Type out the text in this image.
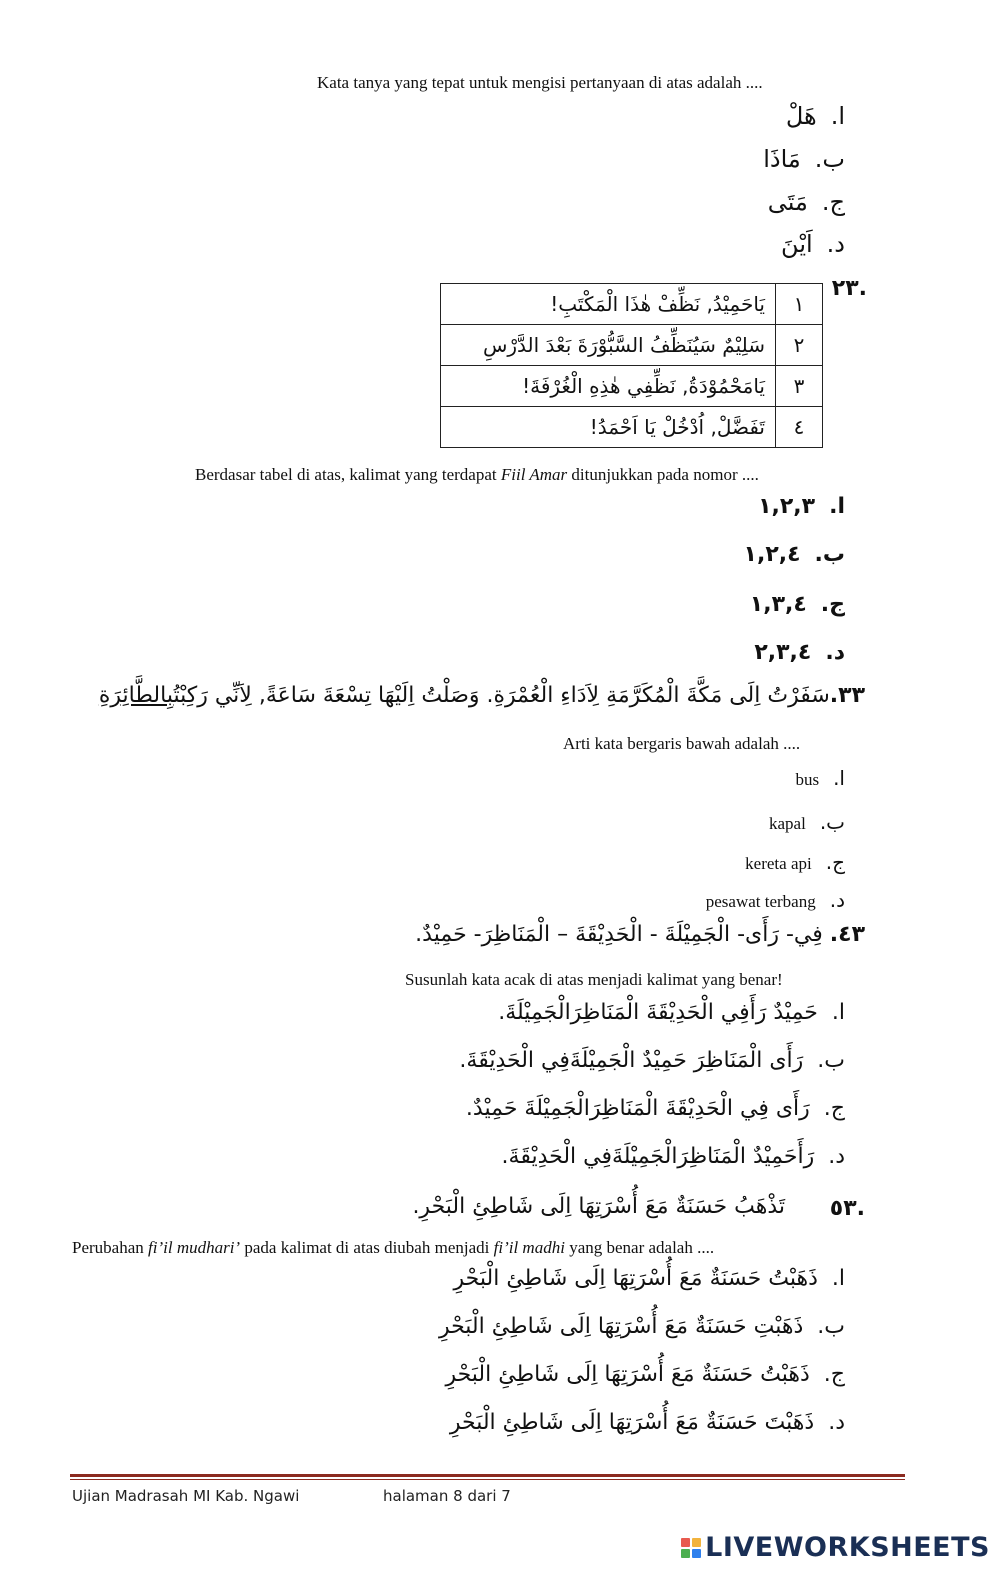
Kata tanya yang tepat untuk mengisi pertanyaan di atas adalah ....
ا.هَلْ
ب.مَاذَا
ج.مَتَى
د.اَيْنَ
.٢٣
١	يَاحَمِيْدُ, نَظِّفْ هٰذَا الْمَكْتَبِ!
٢	سَلِيْمٌ سَيُنَظِّفُ السَّبُّوْرَةَ بَعْدَ الدَّرْسِ
٣	يَامَحْمُوْدَةُ, نَظِّفِي هٰذِهِ الْغُرْفَةَ!
٤	تَفَضَّلْ, اُدْخُلْ يَا اَحْمَدُ!
Berdasar tabel di atas, kalimat yang terdapat Fiil Amar ditunjukkan pada nomor ....
ا.١,٢,٣
ب.١,٢,٤
ج.١,٣,٤
د.٢,٣,٤
٣٣.سَفَرْتُ اِلَى مَكَّةَ الْمُكَرَّمَةِ لِاَدَاءِ الْعُمْرَةِ. وَصَلْتُ اِلَيْهَا تِسْعَةَ سَاعَةً, لِاَنِّي رَكِبْتُبِالطَّائِرَةِ
Arti kata bergaris bawah adalah ....
ا.bus
ب.kapal
ج.kereta api
د.pesawat terbang
٤٣. فِي- رَأَى- الْجَمِيْلَةَ - الْحَدِيْقَةَ – الْمَنَاظِرَ- حَمِيْدٌ.
Susunlah kata acak di atas menjadi kalimat yang benar!
ا.حَمِيْدٌ رَأَفِي الْحَدِيْقَةَ الْمَنَاظِرَالْجَمِيْلَةَ.
ب.رَأَى الْمَنَاظِرَ حَمِيْدٌ الْجَمِيْلَةَفِي الْحَدِيْقَةَ.
ج.رَأَى فِي الْحَدِيْقَةَ الْمَنَاظِرَالْجَمِيْلَةَ حَمِيْدٌ.
د.رَأَحَمِيْدٌ الْمَنَاظِرَالْجَمِيْلَةَفِي الْحَدِيْقَةَ.
.٥٣
تَذْهَبُ حَسَنَةٌ مَعَ أُسْرَتِهَا اِلَى شَاطِئِ الْبَحْرِ.
Perubahan fi’il mudhari’ pada kalimat di atas diubah menjadi fi’il madhi yang benar adalah ....
ا.ذَهَبْتُ حَسَنَةٌ مَعَ أُسْرَتِهَا اِلَى شَاطِئِ الْبَحْرِ
ب.ذَهَبْتِ حَسَنَةٌ مَعَ أُسْرَتِهَا اِلَى شَاطِئِ الْبَحْرِ
ج.ذَهَبْتُ حَسَنَةٌ مَعَ أُسْرَتِهَا اِلَى شَاطِئِ الْبَحْرِ
د.ذَهَبْتَ حَسَنَةٌ مَعَ أُسْرَتِهَا اِلَى شَاطِئِ الْبَحْرِ
Ujian Madrasah MI Kab. Ngawi	halaman 8 dari 7
LIVEWORKSHEETS
